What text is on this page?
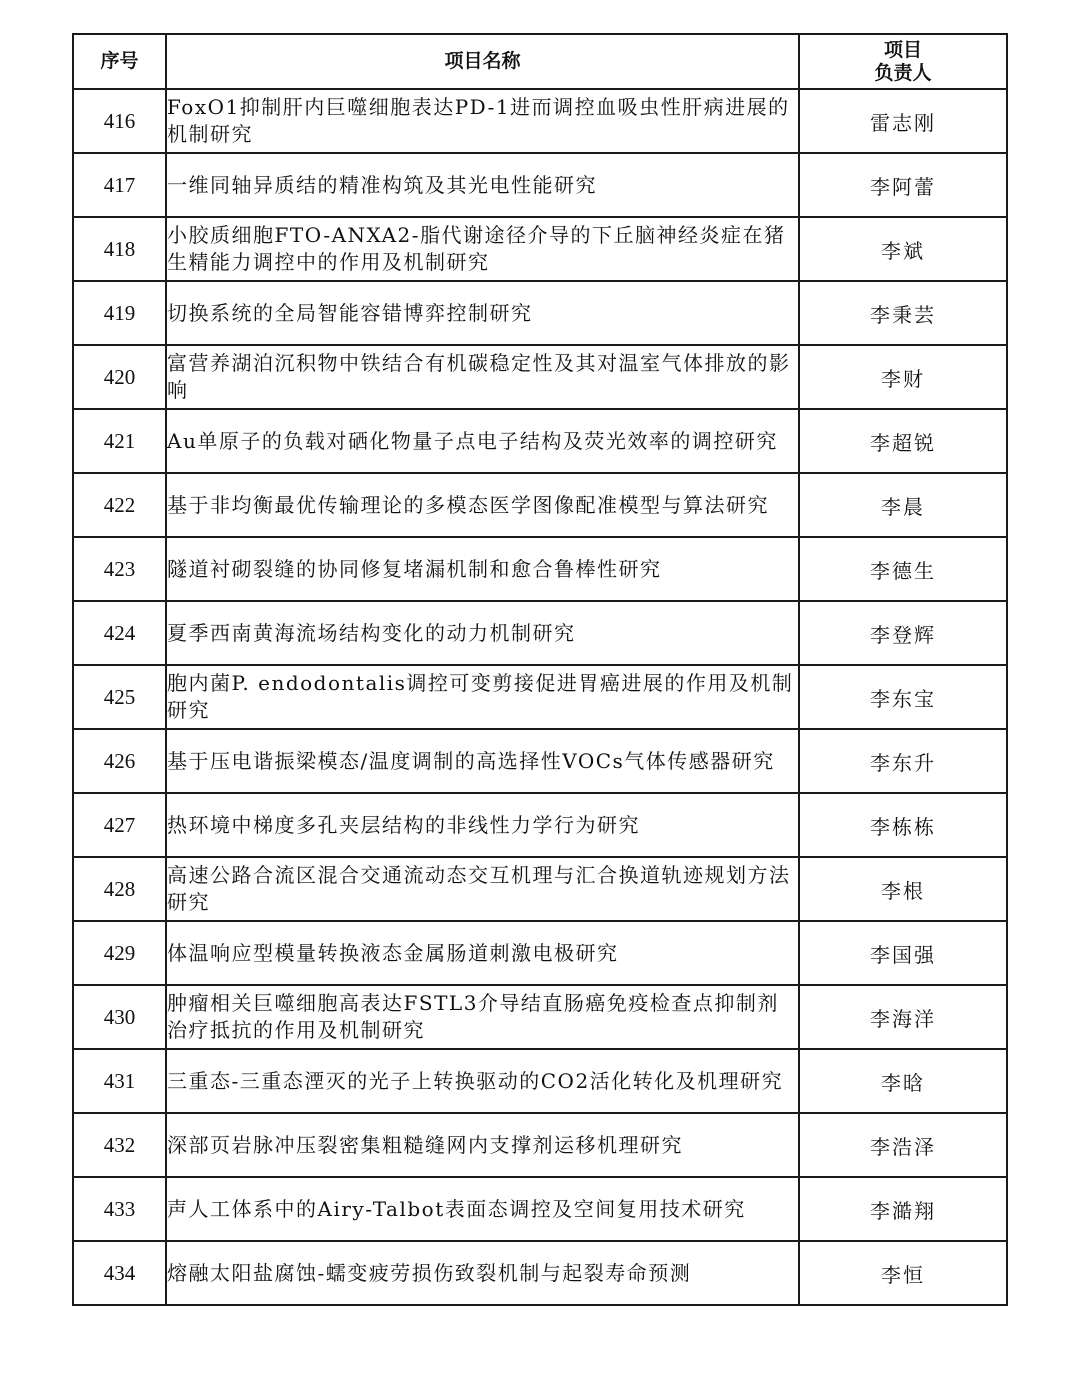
序号	项目名称	项目
负责人

416	FoxO1抑制肝内巨噬细胞表达PD-1进而调控血吸虫性肝病进展的机制研究	雷志刚
417	一维同轴异质结的精准构筑及其光电性能研究	李阿蕾
418	小胶质细胞FTO-ANXA2-脂代谢途径介导的下丘脑神经炎症在猪生精能力调控中的作用及机制研究	李斌
419	切换系统的全局智能容错博弈控制研究	李秉芸
420	富营养湖泊沉积物中铁结合有机碳稳定性及其对温室气体排放的影响	李财
421	Au单原子的负载对硒化物量子点电子结构及荧光效率的调控研究	李超锐
422	基于非均衡最优传输理论的多模态医学图像配准模型与算法研究	李晨
423	隧道衬砌裂缝的协同修复堵漏机制和愈合鲁棒性研究	李德生
424	夏季西南黄海流场结构变化的动力机制研究	李登辉
425	胞内菌P. endodontalis调控可变剪接促进胃癌进展的作用及机制研究	李东宝
426	基于压电谐振梁模态/温度调制的高选择性VOCs气体传感器研究	李东升
427	热环境中梯度多孔夹层结构的非线性力学行为研究	李栋栋
428	高速公路合流区混合交通流动态交互机理与汇合换道轨迹规划方法研究	李根
429	体温响应型模量转换液态金属肠道刺激电极研究	李国强
430	肿瘤相关巨噬细胞高表达FSTL3介导结直肠癌免疫检查点抑制剂治疗抵抗的作用及机制研究	李海洋
431	三重态-三重态湮灭的光子上转换驱动的CO2活化转化及机理研究	李晗
432	深部页岩脉冲压裂密集粗糙缝网内支撑剂运移机理研究	李浩泽
433	声人工体系中的Airy-Talbot表面态调控及空间复用技术研究	李澔翔
434	熔融太阳盐腐蚀-蠕变疲劳损伤致裂机制与起裂寿命预测	李恒
